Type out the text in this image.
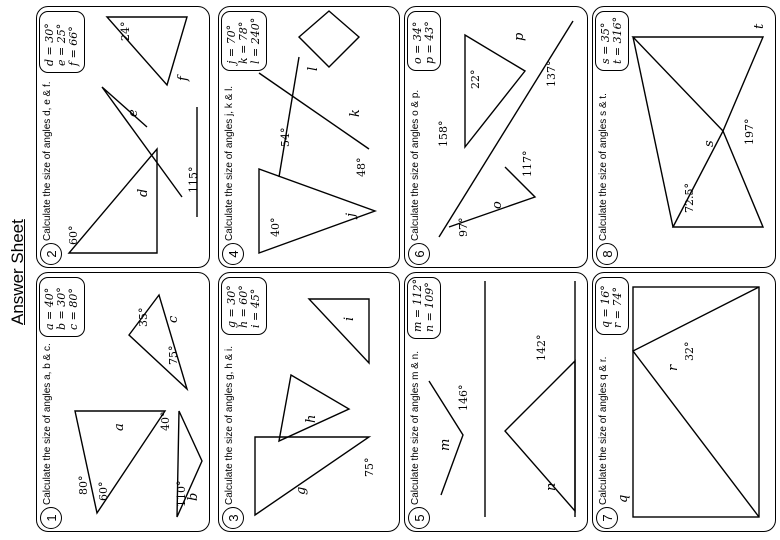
Answer Sheet
1
Calculate the size of angles a, b & c.
a = 40° b = 30° c = 80°
80° 60°
a	40°
110°
b
35°
75°
c
2
Calculate the size of angles d, e & f.
d = 30° e = 25° f = 66°
60°
d
e
115°
24°
f
3
Calculate the size of angles g, h & i.
g = 30° h = 60° i = 45°
g
75°
h
i
4
Calculate the size of angles j, k & l.
j = 70° k = 78° l = 240°
40°
j
54°
k
48°
l
5
Calculate the size of angles m & n.
m = 112° n = 109°
146°
m
142°
n
6
Calculate the size of angles o & p.
o = 34° p = 43°
97°
o
117°
137°
158°
p
22°
7
Calculate the size of angles q & r.
q = 16° r = 74°
q
r
32°
8
Calculate the size of angles s & t.
s = 35° t = 316°
72.5°
s 197°
t
